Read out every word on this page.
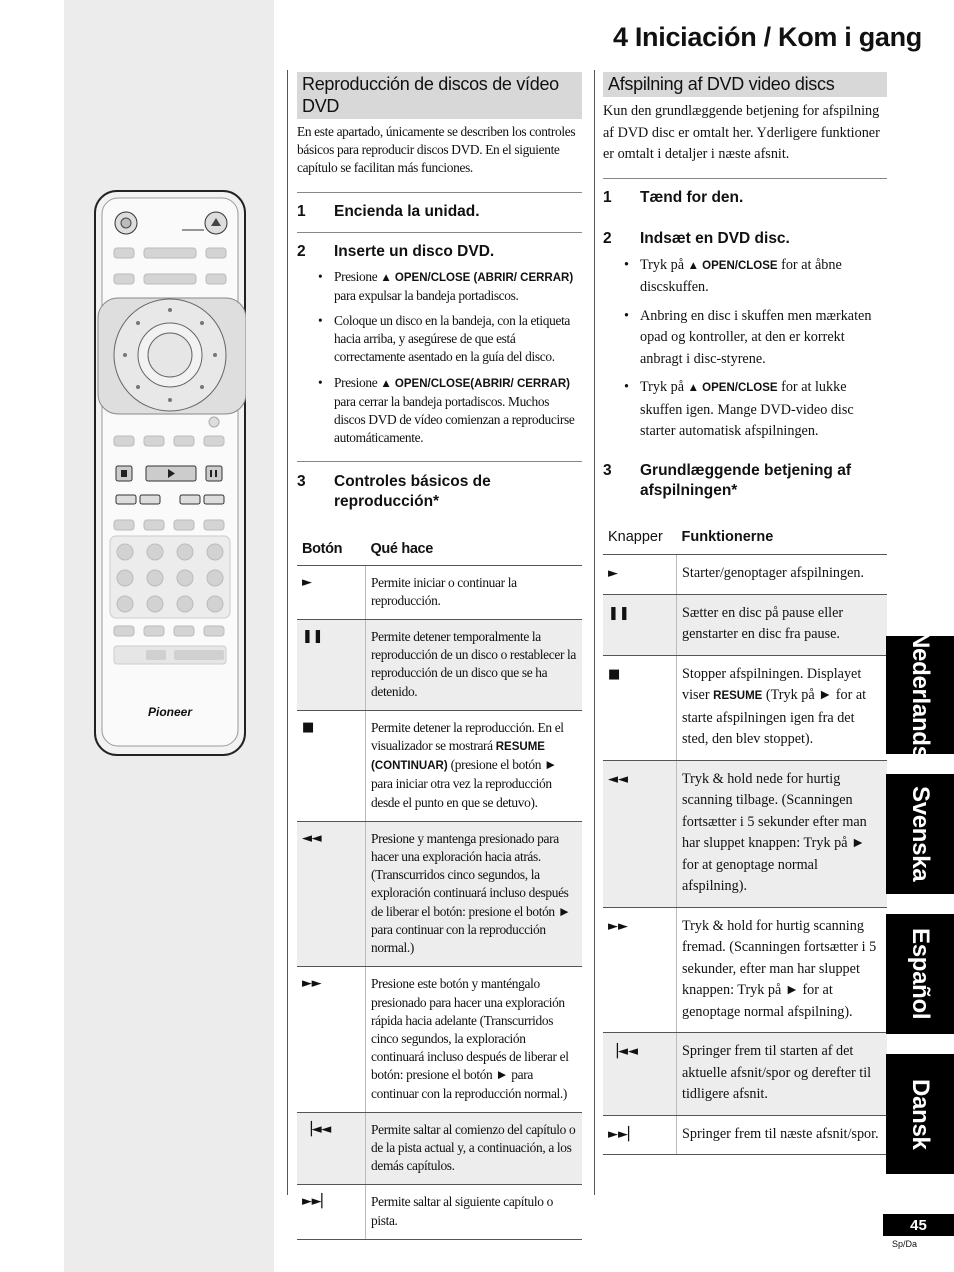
Pioneer
4 Iniciación / Kom i gang
Reproducción de discos de vídeo DVD
En este apartado, únicamente se describen los controles básicos para reproducir discos DVD. En el siguiente capítulo se facilitan más funciones.
1	Encienda la unidad.
2	Inserte un disco DVD.
• Presione ▲ OPEN/CLOSE (ABRIR/ CERRAR) para expulsar la bandeja portadiscos.
• Coloque un disco en la bandeja, con la etiqueta hacia arriba, y asegúrese de que está correctamente asentado en la guía del disco.
• Presione ▲ OPEN/CLOSE(ABRIR/ CERRAR) para cerrar la bandeja portadiscos. Muchos discos DVD de vídeo comienzan a reproducirse automáticamente.
3	Controles básicos de reproducción*
Botón	Qué hace
►	Permite iniciar o continuar la reproducción.
❚❚	Permite detener temporalmente la reproducción de un disco o restablecer la reproducción de un disco que se ha detenido.
■	Permite detener la reproducción. En el visualizador se mostrará RESUME (CONTINUAR) (presione el botón ► para iniciar otra vez la reproducción desde el punto en que se detuvo).
◄◄	Presione y mantenga presionado para hacer una exploración hacia atrás. (Transcurridos cinco segundos, la exploración continuará incluso después de liberar el botón: presione el botón ► para continuar con la reproducción normal.)
►►	Presione este botón y manténgalo presionado para hacer una exploración rápida hacia adelante (Transcurridos cinco segundos, la exploración continuará incluso después de liberar el botón: presione el botón ► para continuar con la reproducción normal.)
▕◄◄	Permite saltar al comienzo del capítulo o de la pista actual y, a continuación, a los demás capítulos.
►►▏	Permite saltar al siguiente capítulo o pista.
Afspilning af DVD video discs
Kun den grundlæggende betjening for afspilning af DVD disc er omtalt her. Yderligere funktioner er omtalt i detaljer i næste afsnit.
1	Tænd for den.
2	Indsæt en DVD disc.
• Tryk på ▲ OPEN/CLOSE for at åbne discskuffen.
• Anbring en disc i skuffen men mærkaten opad og kontroller, at den er korrekt anbragt i disc-styrene.
• Tryk på ▲ OPEN/CLOSE for at lukke skuffen igen. Mange DVD-video disc starter automatisk afspilningen.
3	Grundlæggende betjening af afspilningen*
Knapper	Funktionerne
►	Starter/genoptager afspilningen.
❚❚	Sætter en disc på pause eller genstarter en disc fra pause.
■	Stopper afspilningen. Displayet viser RESUME (Tryk på ► for at starte afspilningen igen fra det sted, den blev stoppet).
◄◄	Tryk & hold nede for hurtig scanning tilbage. (Scanningen fortsætter i 5 sekunder efter man har sluppet knappen: Tryk på ► for at genoptage normal afspilning).
►►	Tryk & hold for hurtig scanning fremad. (Scanningen fortsætter i 5 sekunder, efter man har sluppet knappen: Tryk på ► for at genoptage normal afspilning).
▕◄◄	Springer frem til starten af det aktuelle afsnit/spor og derefter til tidligere afsnit.
►►▏	Springer frem til næste afsnit/spor.
Nederlands
Svenska
Español
Dansk
45
Sp/Da
